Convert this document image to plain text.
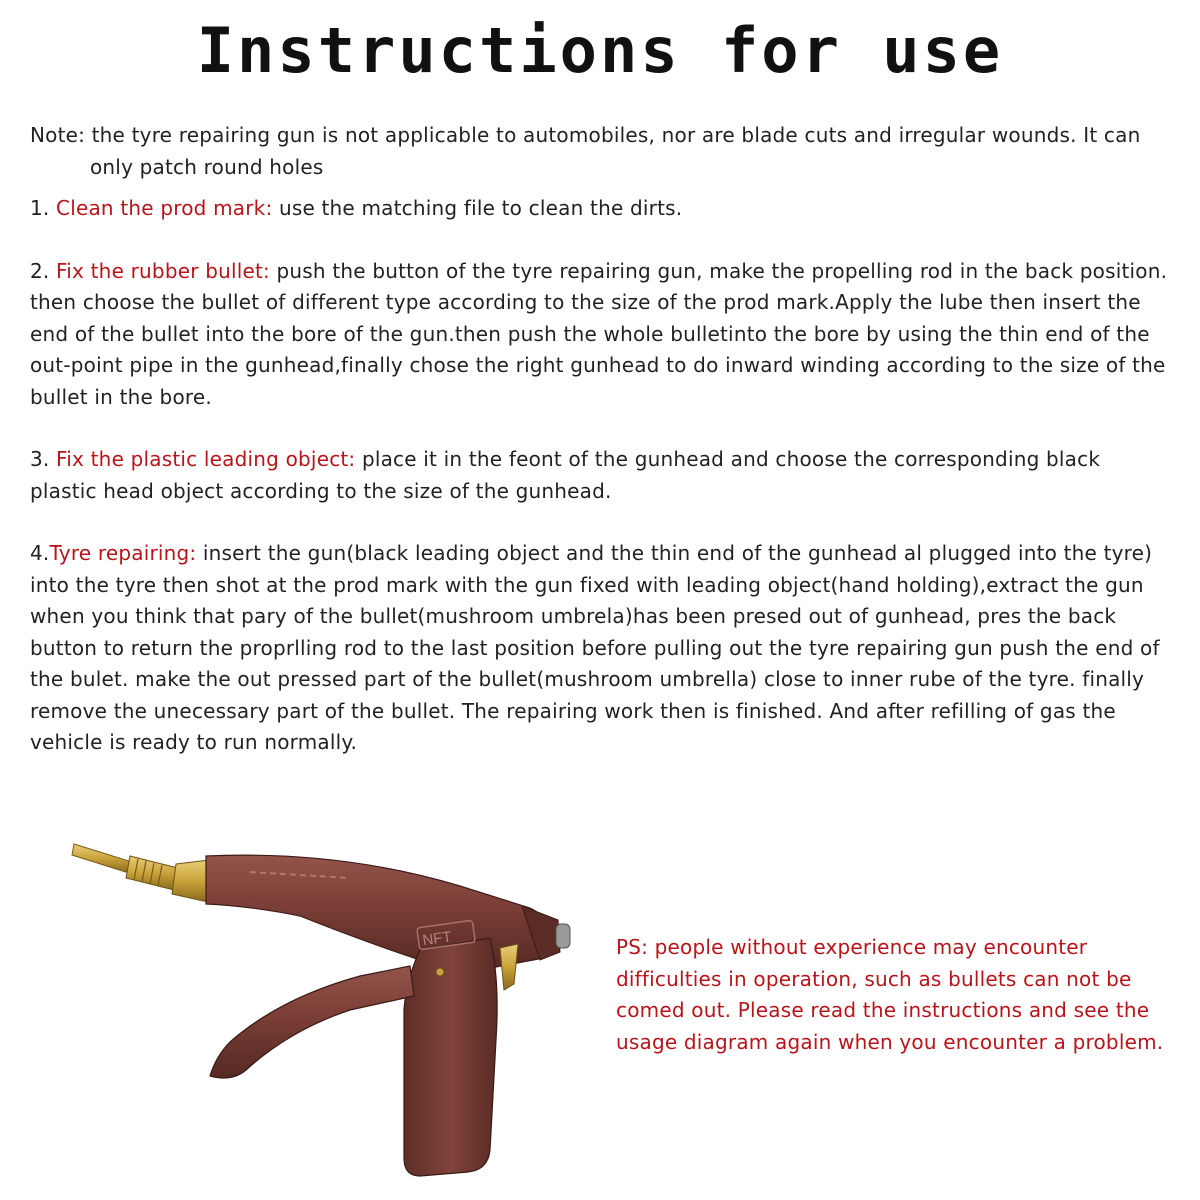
Instructions for use

Note: the tyre repairing gun is not applicable to automobiles, nor are blade cuts and irregular wounds. It can only patch round holes

1. Clean the prod mark: use the matching file to clean the dirts.

2. Fix the rubber bullet: push the button of the tyre repairing gun, make the propelling rod in the back position. then choose the bullet of different type according to the size of the prod mark.Apply the lube then insert the end of the bullet into the bore of the gun.then push the whole bulletinto the bore by using the thin end of the out-point pipe in the gunhead,finally chose the right gunhead to do inward winding according to the size of the bullet in the bore.

3. Fix the plastic leading object: place it in the feont of the gunhead and choose the corresponding black plastic head object according to the size of the gunhead.

4.Tyre repairing: insert the gun(black leading object and the thin end of the gunhead al plugged into the tyre) into the tyre then shot at the prod mark with the gun fixed with leading object(hand holding),extract the gun when you think that pary of the bullet(mushroom umbrela)has been presed out of gunhead, pres the back button to return the proprlling rod to the last position before pulling out the tyre repairing gun push the end of the bulet. make the out pressed part of the bullet(mushroom umbrella) close to inner rube of the tyre. finally remove the unecessary part of the bullet. The repairing work then is finished. And after refilling of gas the vehicle is ready to run normally.

NFT	PS: people without experience may encounter difficulties in operation, such as bullets can not be comed out. Please read the instructions and see the usage diagram again when you encounter a problem.
